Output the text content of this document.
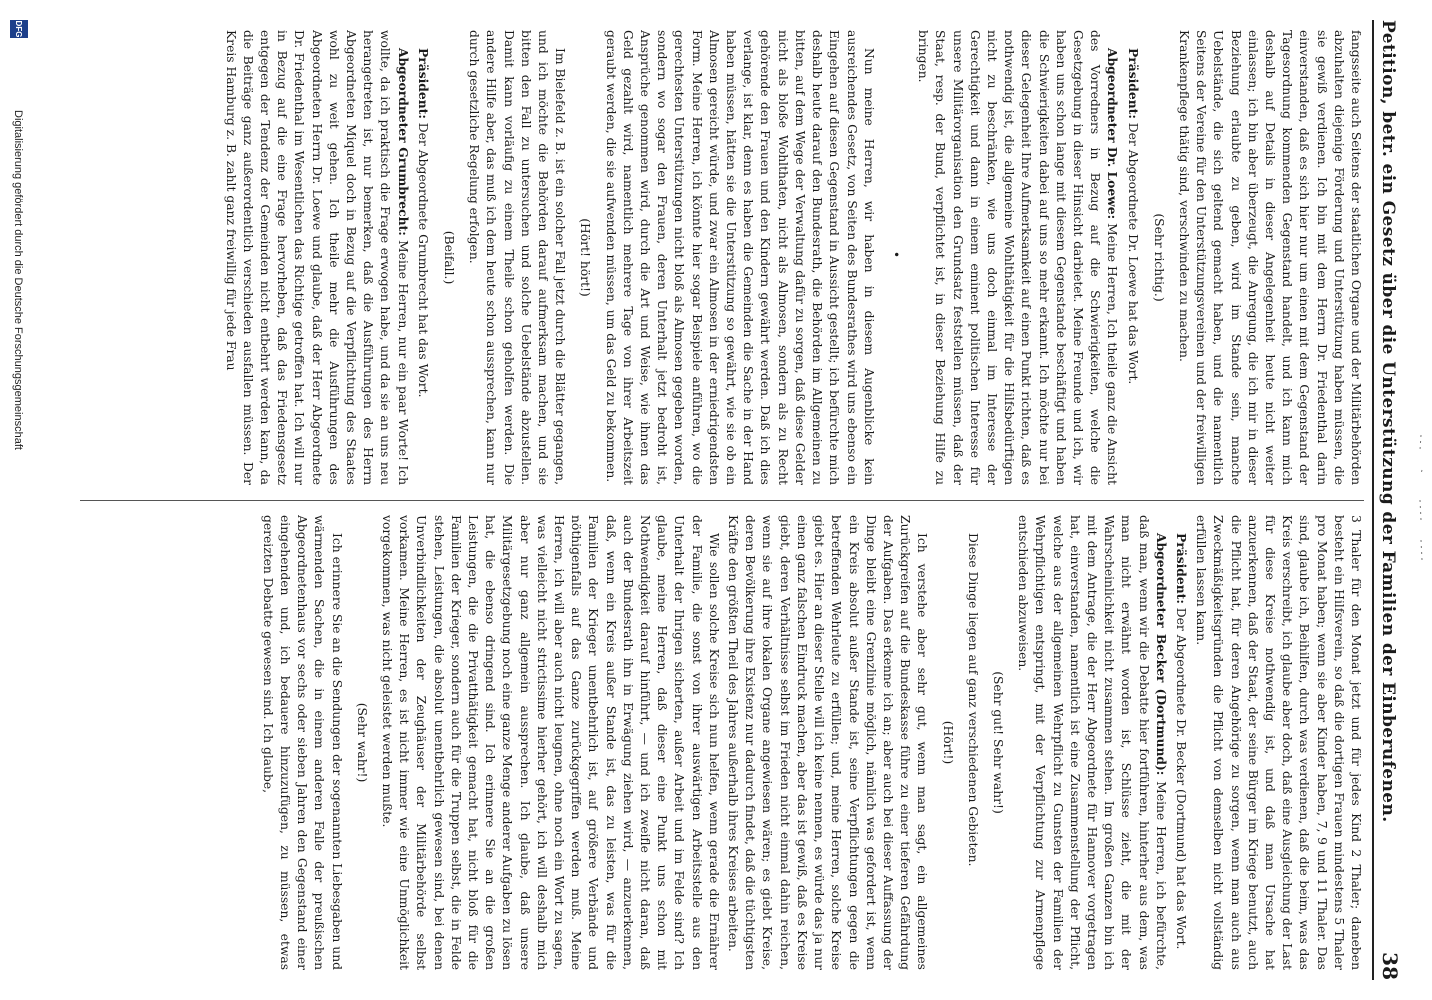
Petition, betr. ein Gesetz über die Unterstützung der Familien der Einberufenen.
38

fangsseite auch Seitens der staatlichen Organe und der Militärbehörden abzuhalten diejenige Förderung und Unterstützung haben müssen, die sie gewiß verdienen. Ich bin mit dem Herrn Dr. Friedenthal darin einverstanden, daß es sich hier nur um einen mit dem Gegenstand der Tagesordnung kommenden Gegenstand handelt, und ich kann mich deshalb auf Details in dieser Angelegenheit heute nicht weiter einlassen; ich bin aber überzeugt, die Anregung, die ich mir in dieser Beziehung erlaubte zu geben, wird im Stande sein, manche Uebelstände, die sich geltend gemacht haben, und die namentlich Seitens der Vereine für den Unterstützungsvereinen und der freiwilligen Krankenpflege thätig sind, verschwinden zu machen.

(Sehr richtig.)

Präsident: Der Abgeordnete Dr. Loewe hat das Wort.

Abgeordneter Dr. Loewe: Meine Herren, Ich theile ganz die Ansicht des Vorredners in Bezug auf die Schwierigkeiten, welche die Gesetzgebung in dieser Hinsicht darbietet. Meine Freunde und ich, wir haben uns schon lange mit diesem Gegenstande beschäftigt und haben die Schwierigkeiten dabei auf uns so mehr erkannt. Ich möchte nur bei dieser Gelegenheit Ihre Aufmerksamkeit auf einen Punkt richten, daß es nothwendig ist, die allgemeine Wohlthätigkeit für die Hilfsbedürftigen nicht zu beschränken, wie uns doch einmal im Interesse der Gerechtigkeit und dann in einem eminent politischen Interesse für unsere Militärorganisation den Grundsatz feststellen müssen, daß der Staat, resp. der Bund, verpflichtet ist, in dieser Beziehung Hilfe zu bringen.

•

Nun meine Herren, wir haben in diesem Augenblicke kein ausreichendes Gesetz, von Seiten des Bundesrathes wird uns ebenso ein Eingehen auf diesen Gegenstand in Aussicht gestellt; ich befürchte mich deshalb heute darauf den Bundesrath, die Behörden im Allgemeinen zu bitten, auf dem Wege der Verwaltung dafür zu sorgen, daß diese Gelder nicht als bloße Wohlthaten, nicht als Almosen, sondern als zu Recht gehörende den Frauen und den Kindern gewährt werden. Daß ich dies verlange, ist klar, denn es haben die Gemeinden die Sache in der Hand haben müssen, hätten sie die Unterstützung so gewährt, wie sie ob ein Almosen gereicht würde, und zwar ein Almosen in der erniedrigendsten Form. Meine Herren, ich könnte hier sogar Beispiele anführen, wo die gerechtesten Unterstützungen nicht bloß als Almosen gegeben worden, sondern wo sogar den Frauen, deren Unterhalt jetzt bedroht ist, Ansprüche genommen wird, durch die Art und Weise, wie ihnen das Geld gezahlt wird, namentlich mehrere Tage von ihrer Arbeitszeit geraubt werden, die sie aufwenden müssen, um das Geld zu bekommen.

(Hört! hört!)

Im Bielefeld z. B. ist ein solcher Fall jetzt durch die Blätter gegangen, und ich möchte die Behörden darauf aufmerksam machen, und sie bitten den Fall zu untersuchen und solche Uebelstände abzustellen. Damit kann vorläufig zu einem Theile schon geholfen werden. Die andere Hilfe aber, das muß ich dem heute schon aussprechen, kann nur durch gesetzliche Regelung erfolgen.

(Beifall.)

Präsident: Der Abgeordnete Grumbrecht hat das Wort.

Abgeordneter Grumbrecht: Meine Herren, nur ein paar Worte! Ich wollte, da ich praktisch die Frage erwogen habe, und da sie an uns neu herangetreten ist, nur bemerken, daß die Ausführungen des Herrn Abgeordneten Miquel doch in Bezug auf die Verpflichtung des Staates wohl zu weit gehen. Ich theile mehr die Ausführungen des Abgeordneten Herrn Dr. Loewe und glaube, daß der Herr Abgeordnete Dr. Friedenthal im Wesentlichen das Richtige getroffen hat. Ich will nur in Bezug auf die eine Frage hervorheben, daß das Friedensgesetz entgegen der Tendenz der Gemeinden nicht entbehrt werden kann, da die Beiträge ganz außerordentlich verschieden ausfallen müssen. Der Kreis Hamburg z. B. zahlt ganz freiwillig für jede Frau

3 Thaler für den Monat jetzt und für jedes Kind 2 Thaler; daneben besteht ein Hilfsverein, so daß die dortigen Frauen mindestens 5 Thaler pro Monat haben; wenn sie aber Kinder haben, 7, 9 und 11 Thaler. Das sind, glaube ich, Beihilfen, durch was verdienen, daß die beim, was das Kreis verschreibt, ich glaube aber doch, daß eine Ausgleichung der Last für diese Kreise nothwendig ist, und daß man Ursache hat anzuerkennen, daß der Staat, der seine Bürger im Kriege benutzt, auch die Pflicht hat, für deren Angehörige zu sorgen, wenn man auch aus Zweckmäßigkeitsgründen die Pflicht von demselben nicht vollständig erfüllen lassen kann.

Präsident: Der Abgeordnete Dr. Becker (Dortmund) hat das Wort.

Abgeordneter Becker (Dortmund): Meine Herren, ich befürchte, daß man, wenn wir die Debatte hier fortführen, hinterher aus dem, was man nicht erwähnt worden ist, Schlüsse zieht, die mit der Wahrscheinlichkeit nicht zusammen stehen. Im großen Ganzen bin ich mit dem Antrage, die der Herr Abgeordnete für Hannover vorgetragen hat, einverstanden, namentlich ist eine Zusammenstellung der Pflicht, welche aus der allgemeinen Wehrpflicht zu Gunsten der Familien der Wehrpflichtigen entspringt, mit der Verpflichtung zur Armenpflege entschieden abzuweisen.

(Sehr gut! Sehr wahr!)

Diese Dinge liegen auf ganz verschiedenen Gebieten.

(Hört!)

Ich verstehe aber sehr gut, wenn man sagt, ein allgemeines Zurückgreifen auf die Bundeskasse führe zu einer tieferen Gefährdung der Aufgaben. Das erkenne ich an; aber auch bei dieser Auffassung der Dinge bleibt eine Grenzlinie möglich, nämlich was gefordert ist, wenn ein Kreis absolut außer Stande ist, seine Verpflichtungen gegen die betreffenden Wehrleute zu erfüllen; und, meine Herren, solche Kreise giebt es. Hier an dieser Stelle will ich keine nennen, es würde das ja nur einen ganz falschen Eindruck machen, aber das ist gewiß, daß es Kreise giebt, deren Verhältnisse selbst im Frieden nicht einmal dahin reichen, wenn sie auf ihre lokalen Organe angewiesen wären; es giebt Kreise, deren Bevölkerung ihre Existenz nur dadurch findet, daß die tüchtigsten Kräfte den größten Theil des Jahres außerhalb ihres Kreises arbeiten.

Wie sollen solche Kreise sich nun helfen, wenn gerade die Ernährer der Familie, die sonst von ihrer auswärtigen Arbeitsstelle aus den Unterhalt der Ihrigen sicherten, außer Arbeit und im Felde sind? Ich glaube, meine Herren, daß dieser eine Punkt uns schon mit Nothwendigkeit darauf hinführt, — und ich zweifle nicht daran, daß auch der Bundesrath ihn in Erwägung ziehen wird, — anzuerkennen, daß, wenn ein Kreis außer Stande ist, das zu leisten, was für die Familien der Krieger unentbehrlich ist, auf größere Verbände und nöthigenfalls auf das Ganze zurückgegriffen werden muß. Meine Herren, ich will aber auch nicht leugnen, ohne noch ein Wort zu sagen, was vielleicht nicht strictissime hierher gehört, ich will deshalb mich aber nur ganz allgemein aussprechen. Ich glaube, daß unsere Militärgesetzgebung noch eine ganze Menge anderer Aufgaben zu lösen hat, die ebenso dringend sind. Ich erinnere Sie an die großen Leistungen, die die Privatthätigkeit gemacht hat, nicht bloß für die Familien der Krieger, sondern auch für die Truppen selbst, die in Felde stehen, Leistungen, die absolut unentbehrlich gewesen sind, bei denen Unverbindlichkeiten der Zeughäuser der Militärbehörde selbst vorkamen. Meine Herren, es ist nicht immer wie eine Unmöglichkeit vorgekommen, was nicht geleistet werden mußte.

(Sehr wahr!)

Ich erinnere Sie an die Sendungen der sogenannten Liebesgaben und wärmenden Sachen, die in einem anderen Falle der preußischen Abgeordnetenhaus vor sechs oder sieben Jahren den Gegenstand einer eingehenden und, ich bedauere hinzuzufügen, zu müssen, etwas gereizten Debatte gewesen sind. Ich glaube,

DFG
Digitalisierung gefördert durch die Deutsche Forschungsgemeinschaft
